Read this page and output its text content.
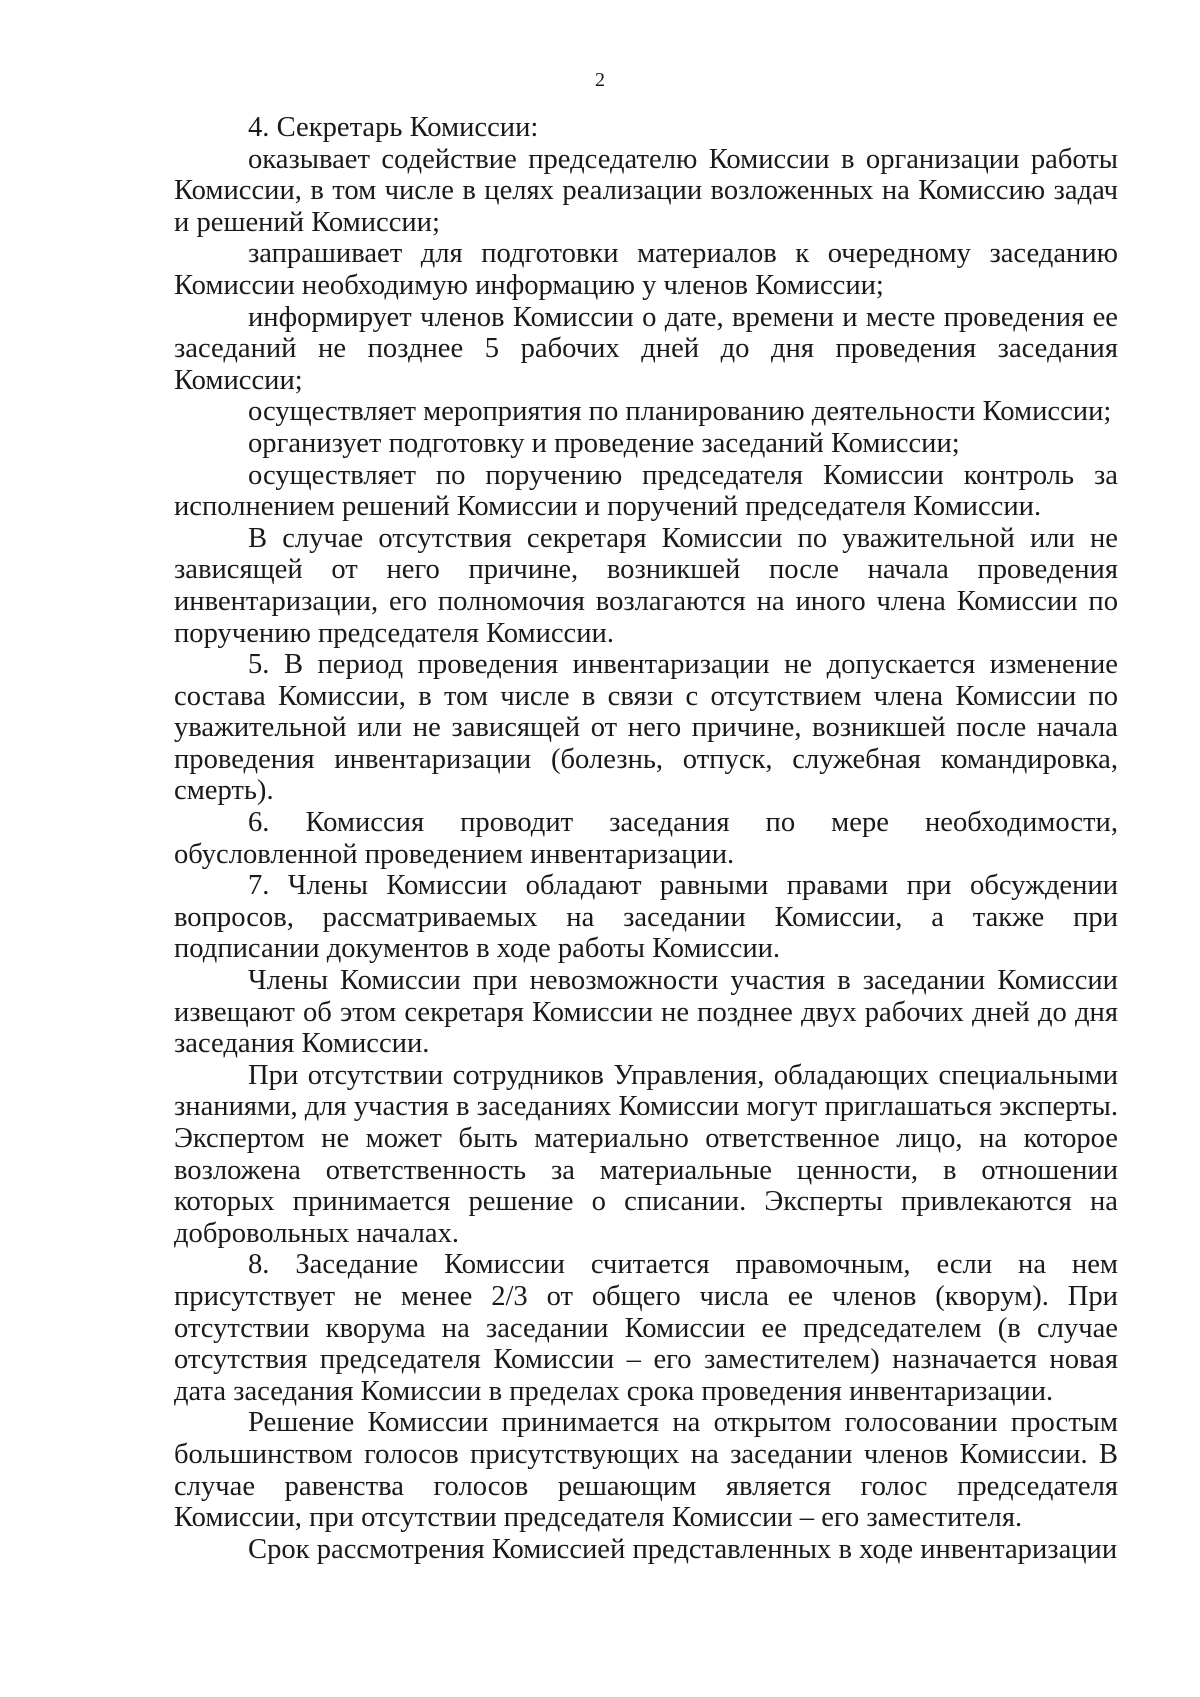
2

4. Секретарь Комиссии:

оказывает содействие председателю Комиссии в организации работы Комиссии, в том числе в целях реализации возложенных на Комиссию задач и решений Комиссии;

запрашивает для подготовки материалов к очередному заседанию Комиссии необходимую информацию у членов Комиссии;

информирует членов Комиссии о дате, времени и месте проведения ее заседаний не позднее 5 рабочих дней до дня проведения заседания Комиссии;

осуществляет мероприятия по планированию деятельности Комиссии;

организует подготовку и проведение заседаний Комиссии;

осуществляет по поручению председателя Комиссии контроль за исполнением решений Комиссии и поручений председателя Комиссии.

В случае отсутствия секретаря Комиссии по уважительной или не зависящей от него причине, возникшей после начала проведения инвентаризации, его полномочия возлагаются на иного члена Комиссии по поручению председателя Комиссии.

5. В период проведения инвентаризации не допускается изменение состава Комиссии, в том числе в связи с отсутствием члена Комиссии по уважительной или не зависящей от него причине, возникшей после начала проведения инвентаризации (болезнь, отпуск, служебная командировка, смерть).

6. Комиссия проводит заседания по мере необходимости, обусловленной проведением инвентаризации.

7. Члены Комиссии обладают равными правами при обсуждении вопросов, рассматриваемых на заседании Комиссии, а также при подписании документов в ходе работы Комиссии.

Члены Комиссии при невозможности участия в заседании Комиссии извещают об этом секретаря Комиссии не позднее двух рабочих дней до дня заседания Комиссии.

При отсутствии сотрудников Управления, обладающих специальными знаниями, для участия в заседаниях Комиссии могут приглашаться эксперты. Экспертом не может быть материально ответственное лицо, на которое возложена ответственность за материальные ценности, в отношении которых принимается решение о списании. Эксперты привлекаются на добровольных началах.

8. Заседание Комиссии считается правомочным, если на нем присутствует не менее 2/3 от общего числа ее членов (кворум). При отсутствии кворума на заседании Комиссии ее председателем (в случае отсутствия председателя Комиссии – его заместителем) назначается новая дата заседания Комиссии в пределах срока проведения инвентаризации.

Решение Комиссии принимается на открытом голосовании простым большинством голосов присутствующих на заседании членов Комиссии. В случае равенства голосов решающим является голос председателя Комиссии, при отсутствии председателя Комиссии – его заместителя.

Срок рассмотрения Комиссией представленных в ходе инвентаризации
